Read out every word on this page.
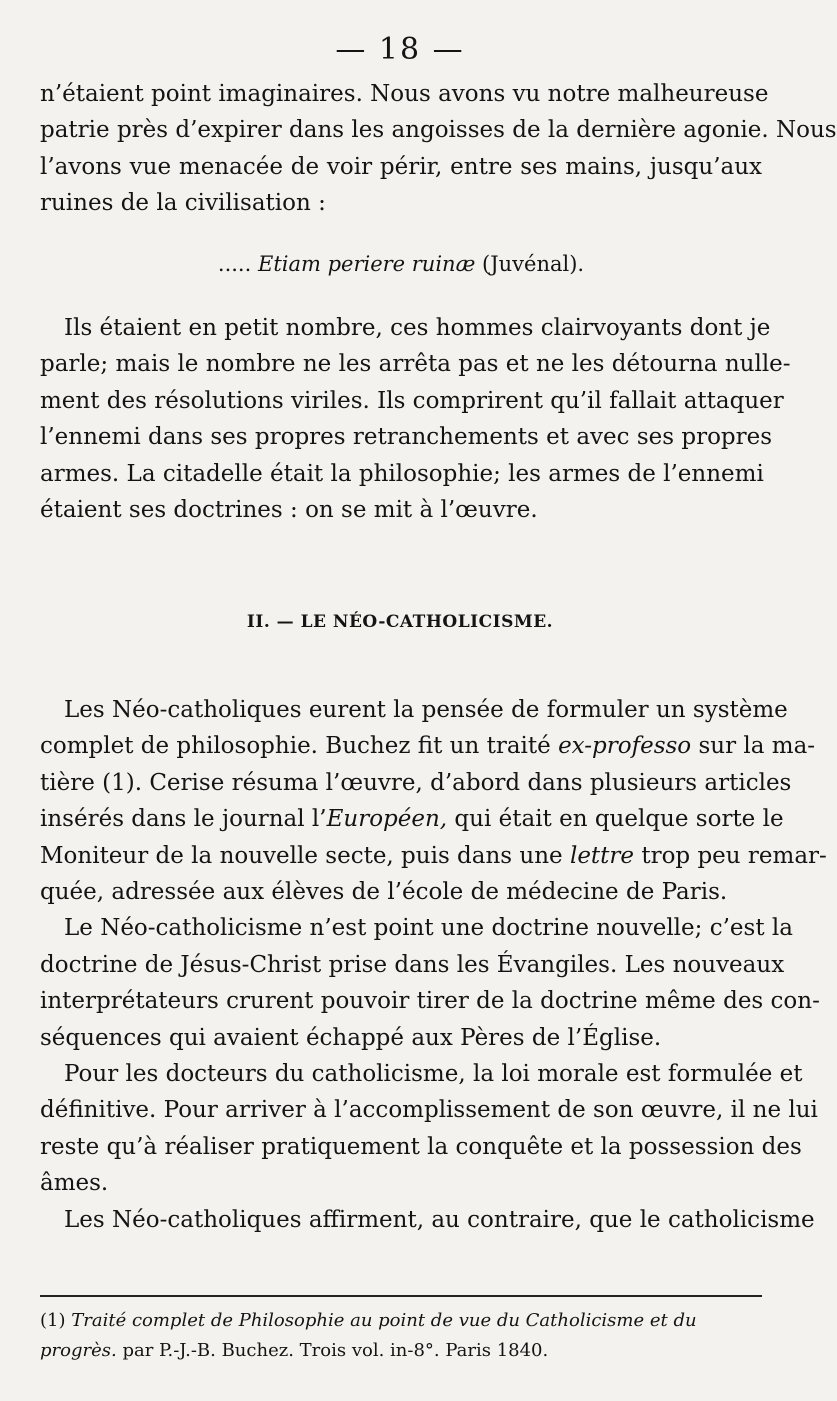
— 18 —
n’étaient point imaginaires. Nous avons vu notre malheureuse
patrie près d’expirer dans les angoisses de la dernière agonie. Nous
l’avons vue menacée de voir périr, entre ses mains, jusqu’aux
ruines de la civilisation :
..... Etiam periere ruinæ (Juvénal).
Ils étaient en petit nombre, ces hommes clairvoyants dont je
parle; mais le nombre ne les arrêta pas et ne les détourna nulle-
ment des résolutions viriles. Ils comprirent qu’il fallait attaquer
l’ennemi dans ses propres retranchements et avec ses propres
armes. La citadelle était la philosophie; les armes de l’ennemi
étaient ses doctrines : on se mit à l’œuvre.
II. — LE NÉO-CATHOLICISME.
Les Néo-catholiques eurent la pensée de formuler un système
complet de philosophie. Buchez fit un traité ex-professo sur la ma-
tière (1). Cerise résuma l’œuvre, d’abord dans plusieurs articles
insérés dans le journal l’Européen, qui était en quelque sorte le
Moniteur de la nouvelle secte, puis dans une lettre trop peu remar-
quée, adressée aux élèves de l’école de médecine de Paris.
Le Néo-catholicisme n’est point une doctrine nouvelle; c’est la
doctrine de Jésus-Christ prise dans les Évangiles. Les nouveaux
interprétateurs crurent pouvoir tirer de la doctrine même des con-
séquences qui avaient échappé aux Pères de l’Église.
Pour les docteurs du catholicisme, la loi morale est formulée et
définitive. Pour arriver à l’accomplissement de son œuvre, il ne lui
reste qu’à réaliser pratiquement la conquête et la possession des
âmes.
Les Néo-catholiques affirment, au contraire, que le catholicisme
(1) Traité complet de Philosophie au point de vue du Catholicisme et du progrès. par P.-J.-B. Buchez. Trois vol. in-8°. Paris 1840.
